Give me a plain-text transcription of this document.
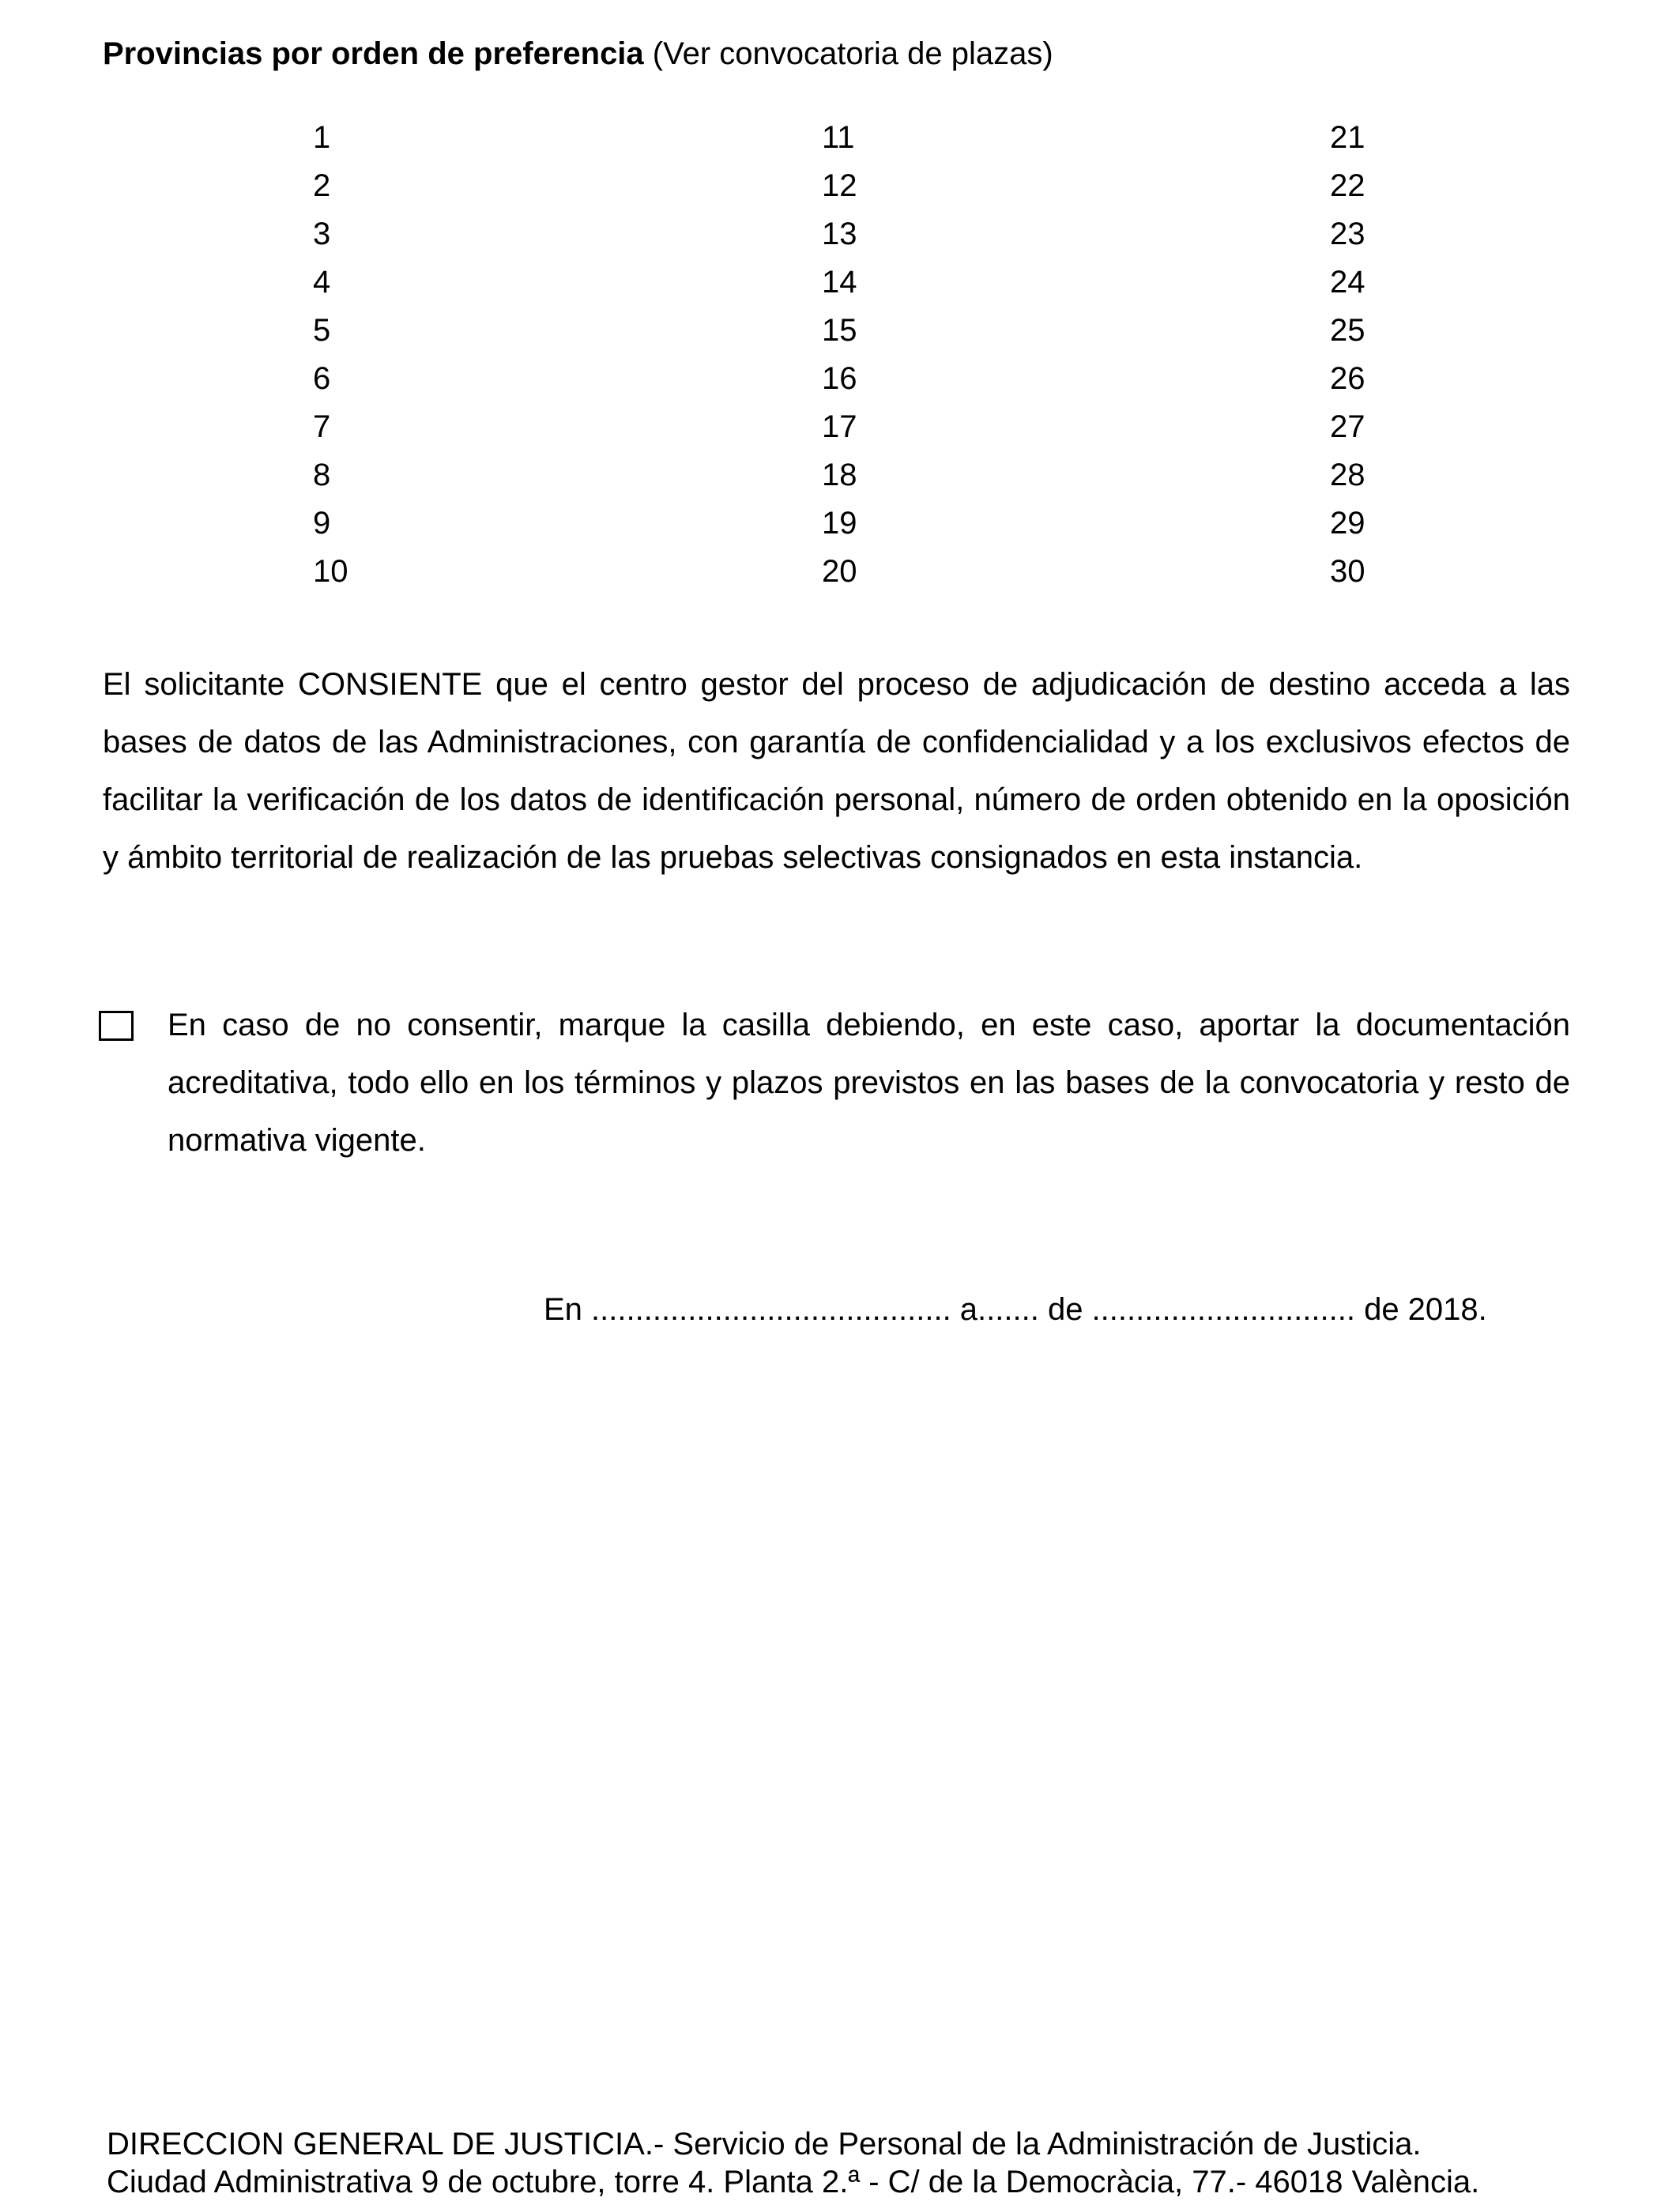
Provincias por orden de preferencia (Ver convocatoria de plazas)
1
2
3
4
5
6
7
8
9
10
11
12
13
14
15
16
17
18
19
20
21
22
23
24
25
26
27
28
29
30

El solicitante CONSIENTE que el centro gestor del proceso de adjudicación de destino acceda a las bases de datos de las Administraciones, con garantía de confidencialidad y a los exclusivos efectos de facilitar la verificación de los datos de identificación personal, número de orden obtenido en la oposición y ámbito territorial de realización de las pruebas selectivas consignados en esta instancia.

En caso de no consentir, marque la casilla debiendo, en este caso, aportar la documentación acreditativa, todo ello en los términos y plazos previstos en las bases de la convocatoria y resto de normativa vigente.

En ......................................... a....... de .............................. de 2018.
DIRECCION GENERAL DE JUSTICIA.- Servicio de Personal de la Administración de Justicia.
Ciudad Administrativa 9 de octubre, torre 4. Planta 2.ª - C/ de la Democràcia, 77.- 46018 València.
